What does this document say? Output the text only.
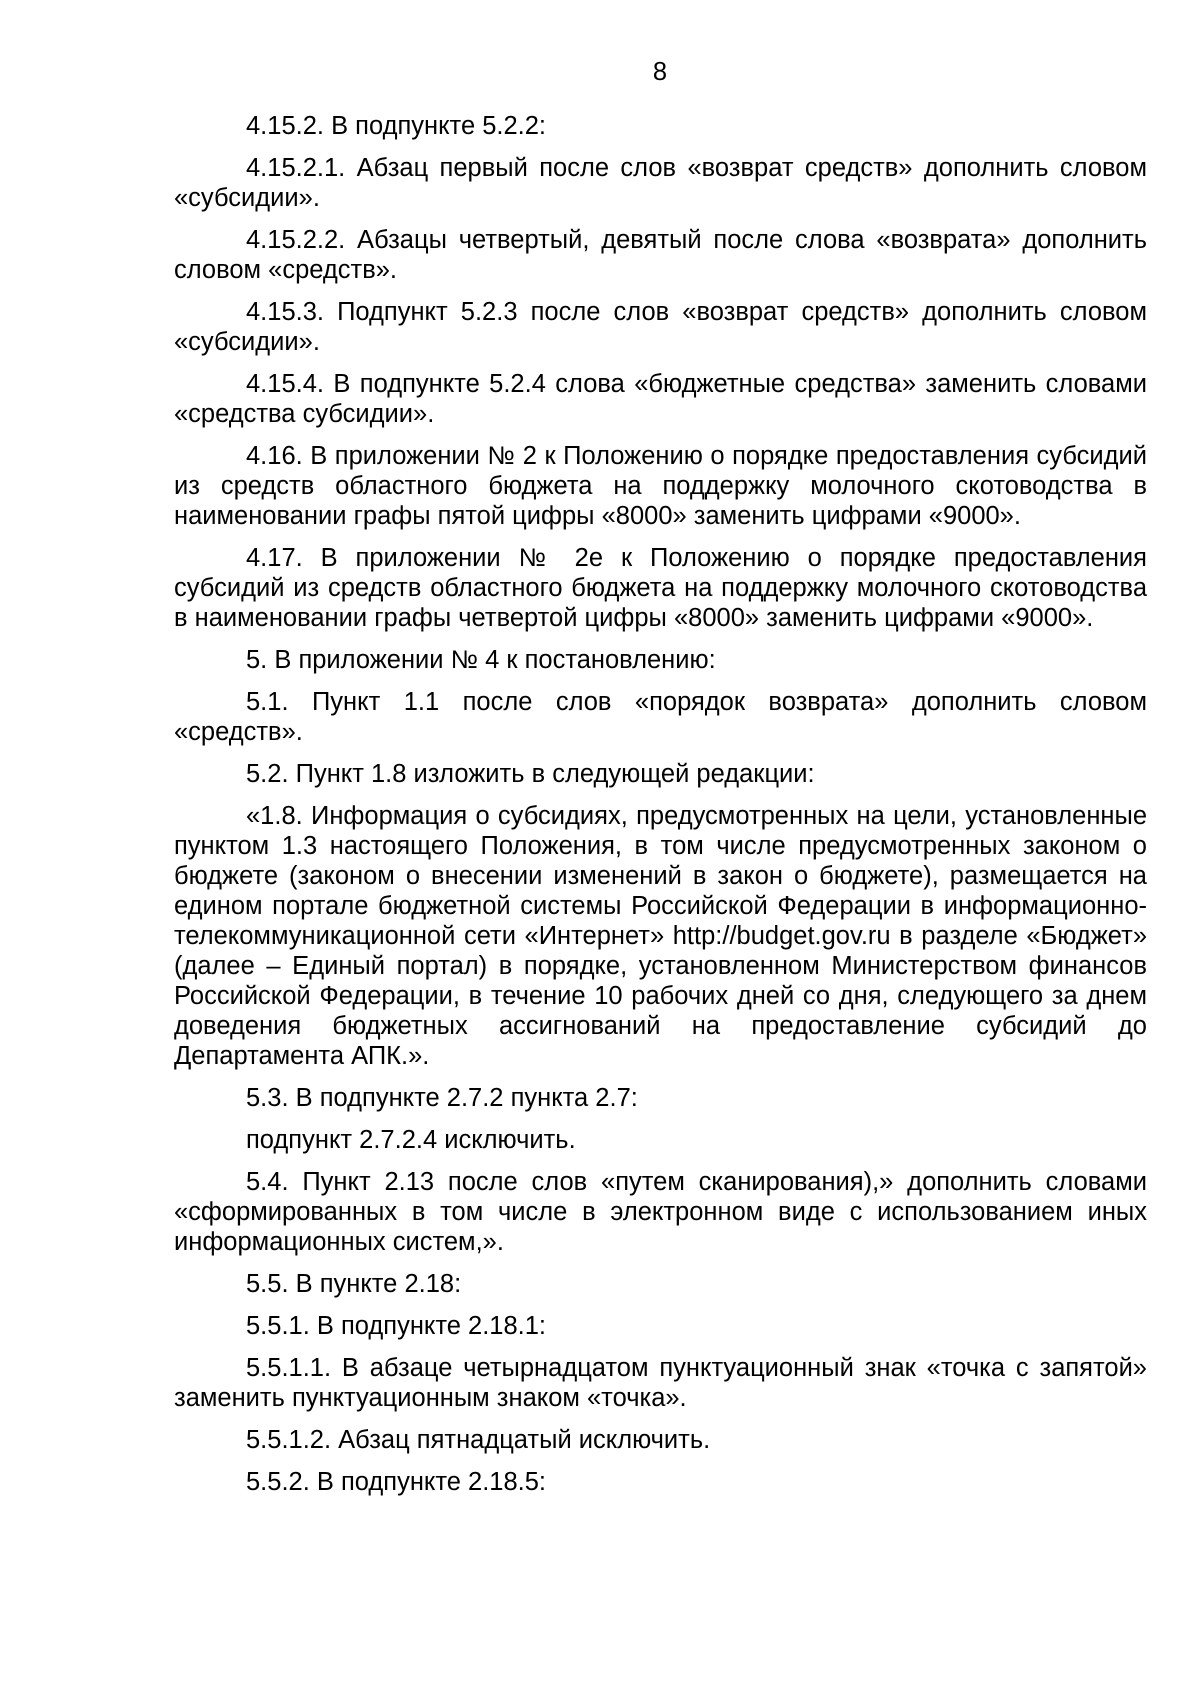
8

4.15.2. В подпункте 5.2.2:

4.15.2.1. Абзац первый после слов «возврат средств» дополнить словом «субсидии».

4.15.2.2. Абзацы четвертый, девятый после слова «возврата» дополнить словом «средств».

4.15.3. Подпункт 5.2.3 после слов «возврат средств» дополнить словом «субсидии».

4.15.4. В подпункте 5.2.4 слова «бюджетные средства» заменить словами «средства субсидии».

4.16. В приложении № 2 к Положению о порядке предоставления субсидий из средств областного бюджета на поддержку молочного скотоводства в наименовании графы пятой цифры «8000» заменить цифрами «9000».

4.17. В приложении № 2е к Положению о порядке предоставления субсидий из средств областного бюджета на поддержку молочного скотоводства в наименовании графы четвертой цифры «8000» заменить цифрами «9000».

5. В приложении № 4 к постановлению:

5.1. Пункт 1.1 после слов «порядок возврата» дополнить словом «средств».

5.2. Пункт 1.8 изложить в следующей редакции:

«1.8. Информация о субсидиях, предусмотренных на цели, установленные пунктом 1.3 настоящего Положения, в том числе предусмотренных законом о бюджете (законом о внесении изменений в закон о бюджете), размещается на едином портале бюджетной системы Российской Федерации в информационно-телекоммуникационной сети «Интернет» http://budget.gov.ru в разделе «Бюджет» (далее – Единый портал) в порядке, установленном Министерством финансов Российской Федерации, в течение 10 рабочих дней со дня, следующего за днем доведения бюджетных ассигнований на предоставление субсидий до Департамента АПК.».

5.3. В подпункте 2.7.2 пункта 2.7:

подпункт 2.7.2.4 исключить.

5.4. Пункт 2.13 после слов «путем сканирования),» дополнить словами «сформированных в том числе в электронном виде с использованием иных информационных систем,».

5.5. В пункте 2.18:

5.5.1. В подпункте 2.18.1:

5.5.1.1. В абзаце четырнадцатом пунктуационный знак «точка с запятой» заменить пунктуационным знаком «точка».

5.5.1.2. Абзац пятнадцатый исключить.

5.5.2. В подпункте 2.18.5:
